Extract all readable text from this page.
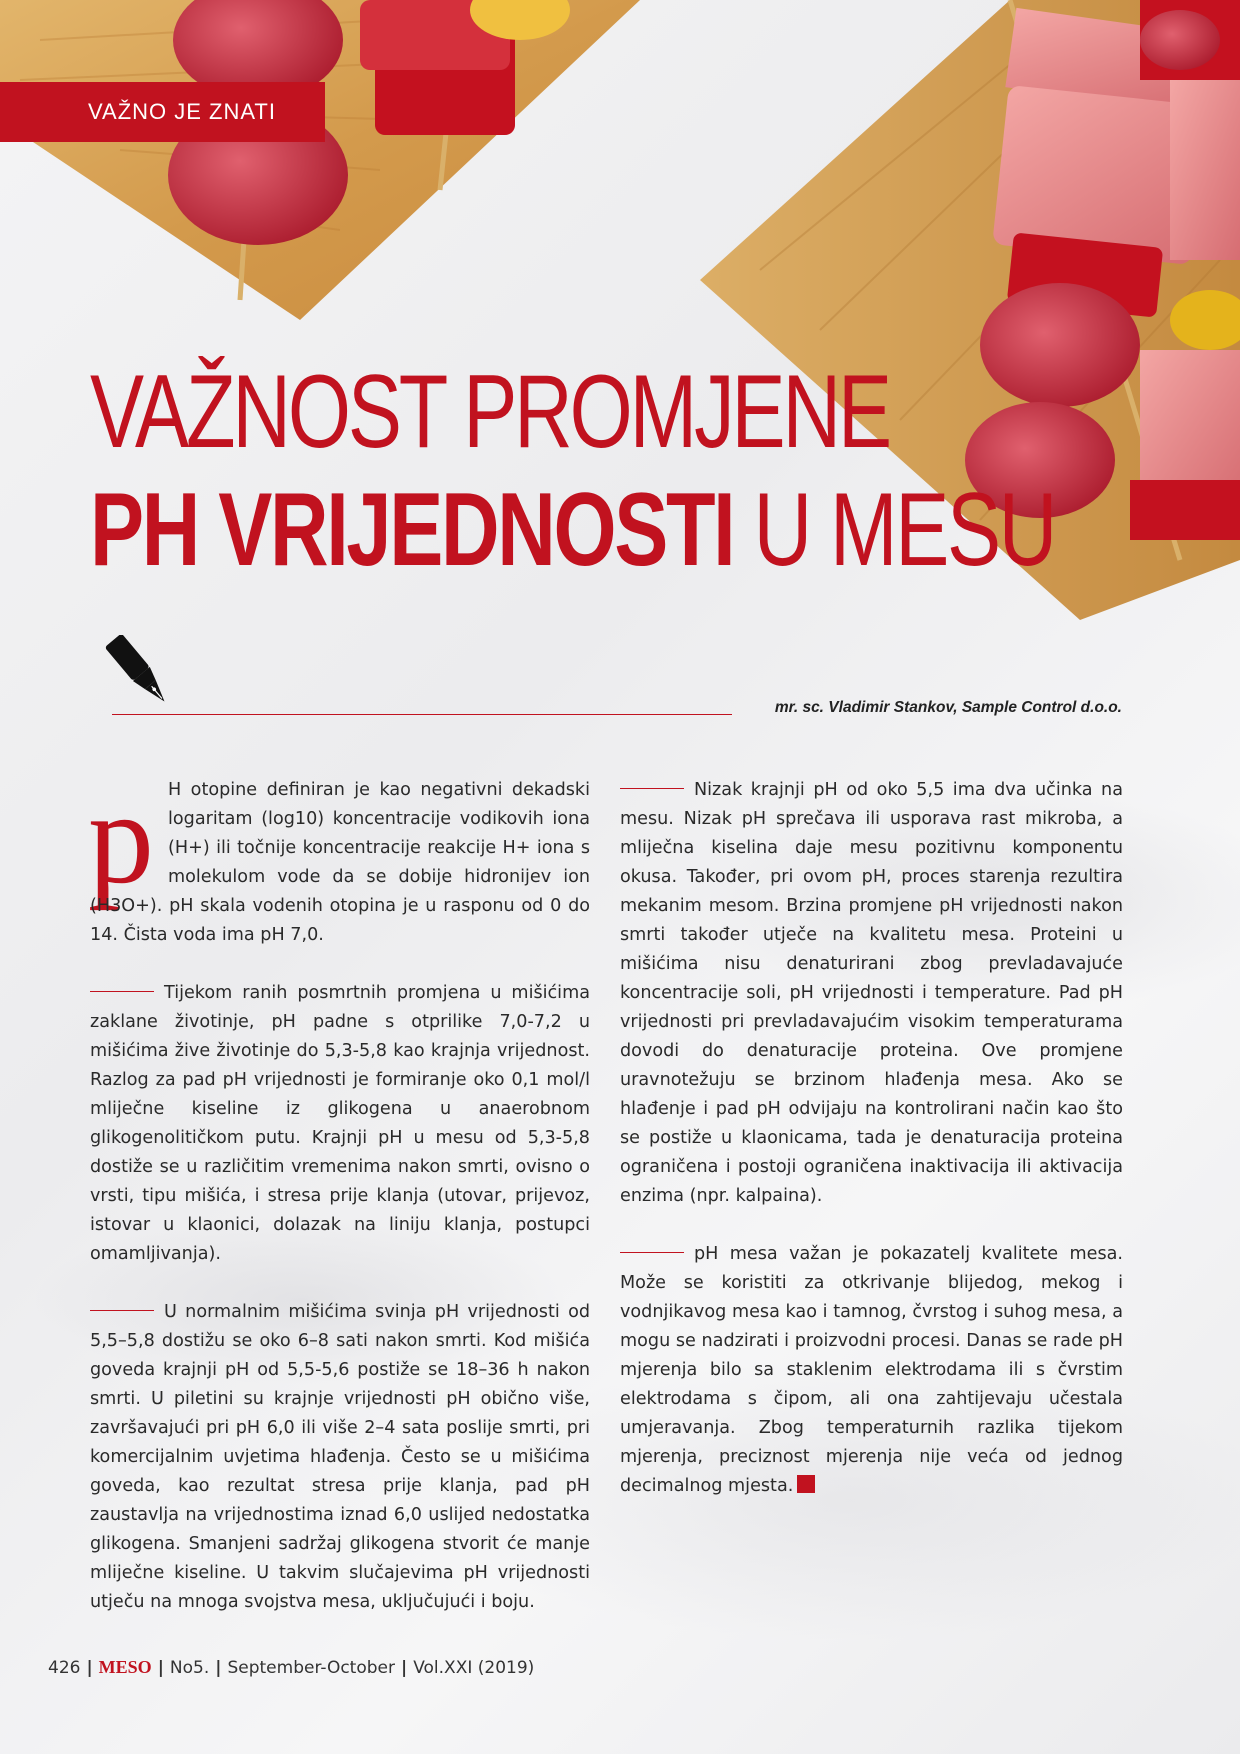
VAŽNO JE ZNATI
VAŽNOST PROMJENE
PH VRIJEDNOSTI U MESU
mr. sc. Vladimir Stankov, Sample Control d.o.o.

p H otopine definiran je kao negativni dekadski logaritam (log10) koncentracije vodikovih iona (H+) ili točnije koncentracije reakcije H+ iona s molekulom vode da se dobije hidronijev ion (H3O+). pH skala vodenih otopina je u rasponu od 0 do 14. Čista voda ima pH 7,0.

Tijekom ranih posmrtnih promjena u mišićima zaklane životinje, pH padne s otprilike 7,0-7,2 u mišićima žive životinje do 5,3-5,8 kao krajnja vrijednost. Razlog za pad pH vrijednosti je formiranje oko 0,1 mol/l mliječne kiseline iz glikogena u anaerobnom glikogenolitičkom putu. Krajnji pH u mesu od 5,3-5,8 dostiže se u različitim vremenima nakon smrti, ovisno o vrsti, tipu mišića, i stresa prije klanja (utovar, prijevoz, istovar u klaonici, dolazak na liniju klanja, postupci omamljivanja).

U normalnim mišićima svinja pH vrijednosti od 5,5–5,8 dostižu se oko 6–8 sati nakon smrti. Kod mišića goveda krajnji pH od 5,5-5,6 postiže se 18–36 h nakon smrti. U piletini su krajnje vrijednosti pH obično više, završavajući pri pH 6,0 ili više 2–4 sata poslije smrti, pri komercijalnim uvjetima hlađenja. Često se u mišićima goveda, kao rezultat stresa prije klanja, pad pH zaustavlja na vrijednostima iznad 6,0 uslijed nedostatka glikogena. Smanjeni sadržaj glikogena stvorit će manje mliječne kiseline. U takvim slučajevima pH vrijednosti utječu na mnoga svojstva mesa, uključujući i boju.

Nizak krajnji pH od oko 5,5 ima dva učinka na mesu. Nizak pH sprečava ili usporava rast mikroba, a mliječna kiselina daje mesu pozitivnu komponentu okusa. Također, pri ovom pH, proces starenja rezultira mekanim mesom. Brzina promjene pH vrijednosti nakon smrti također utječe na kvalitetu mesa. Proteini u mišićima nisu denaturirani zbog prevladavajuće koncentracije soli, pH vrijednosti i temperature. Pad pH vrijednosti pri prevladavajućim visokim temperaturama dovodi do denaturacije proteina. Ove promjene uravnotežuju se brzinom hlađenja mesa. Ako se hlađenje i pad pH odvijaju na kontrolirani način kao što se postiže u klaonicama, tada je denaturacija proteina ograničena i postoji ograničena inaktivacija ili aktivacija enzima (npr. kalpaina).

pH mesa važan je pokazatelj kvalitete mesa. Može se koristiti za otkrivanje blijedog, mekog i vodnjikavog mesa kao i tamnog, čvrstog i suhog mesa, a mogu se nadzirati i proizvodni procesi. Danas se rade pH mjerenja bilo sa staklenim elektrodama ili s čvrstim elektrodama s čipom, ali ona zahtijevaju učestala umjeravanja. Zbog temperaturnih razlika tijekom mjerenja, preciznost mjerenja nije veća od jednog decimalnog mjesta.

426 | MESO | No5. | September-October | Vol.XXI (2019)
